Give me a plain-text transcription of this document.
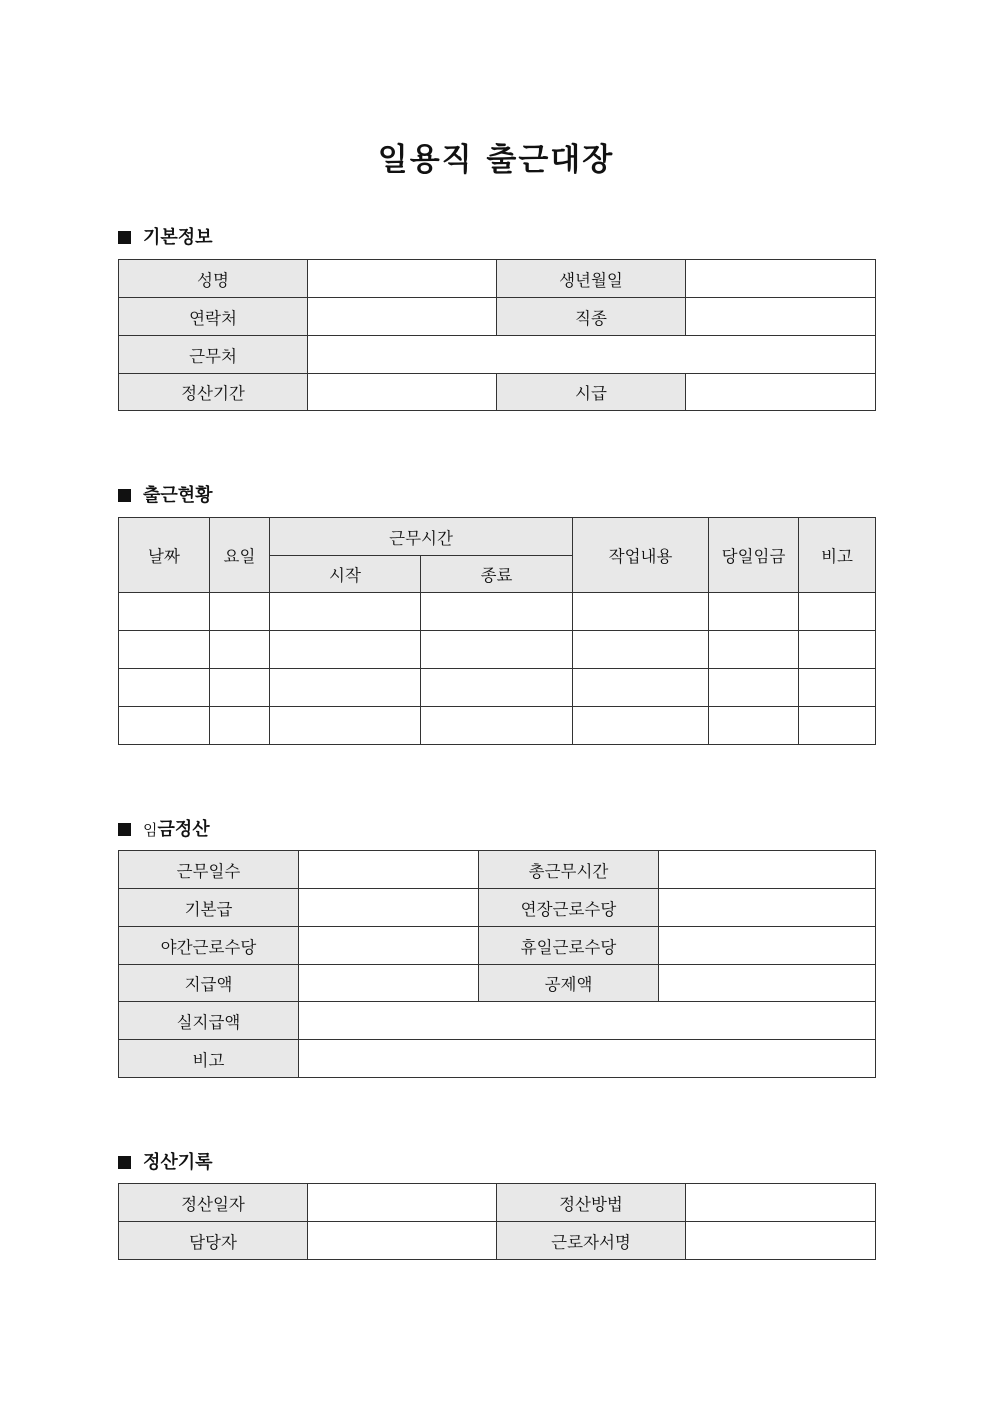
일용직 출근대장
기본정보
성명		생년월일	
연락처		직종	
근무처			
정산기간		시급	
출근현황
날짜	요일	근무시간		작업내용	당일임금	비고
		시작	종료			

임금정산
근무일수		총근무시간	
기본급		연장근로수당	
야간근로수당		휴일근로수당	
지급액		공제액	
실지급액			
비고			
정산기록
정산일자		정산방법	
담당자		근로자서명	
